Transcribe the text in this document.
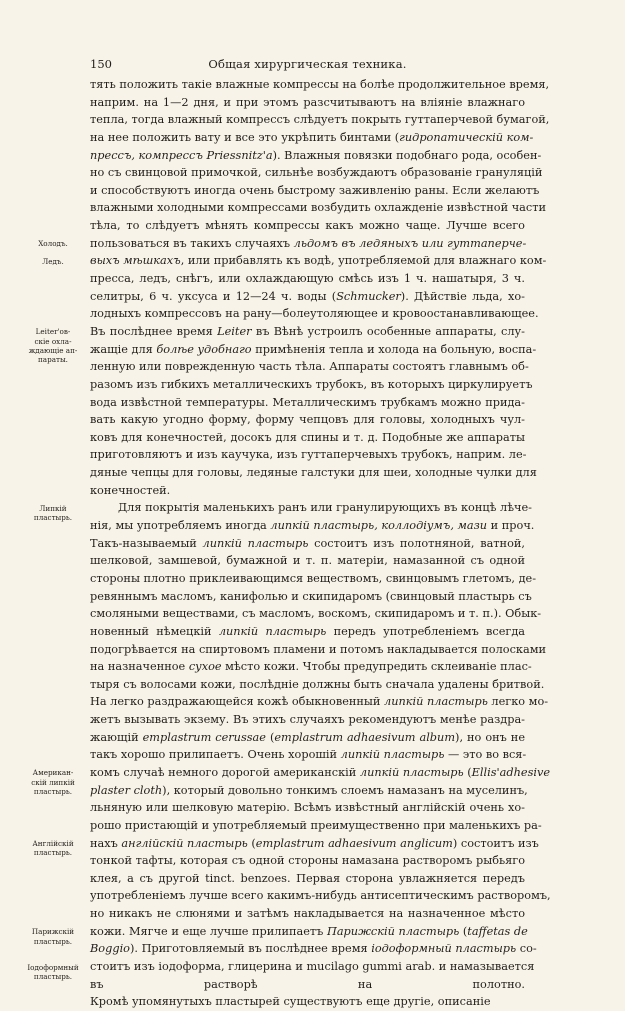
150	Общая хирургическая техника.
Холодъ.
Ледъ.
Leiter'ов-
скіе охла-
ждающіе ап-
параты.
Липкій
пластырь.
Американ-
скій липкій
пластырь.
Англійскій
пластырь.
Парижскій
пластырь.
Іодоформный
пластырь.
тять положить такіе влажные компрессы на болѣе продолжительное время,
наприм. на 1—2 дня, и при этомъ разсчитываютъ на вліяніе влажнаго
тепла, тогда влажный компрессъ слѣдуетъ покрыть гуттаперчевой бумагой,
на нее положить вату и все это укрѣпить бинтами (гидропатическій ком-
прессъ, компрессъ Priessnitz'а). Влажныя повязки подобнаго рода, особен-
но съ свинцовой примочкой, сильнѣе возбуждаютъ образованіе грануляцій
и способствуютъ иногда очень быстрому заживленію раны. Если желаютъ
влажными холодными компрессами возбудить охлажденіе извѣстной части
тѣла, то слѣдуетъ мѣнять компрессы какъ можно чаще. Лучше всего
пользоваться въ такихъ случаяхъ льдомъ въ ледяныхъ или гуттаперче-
выхъ мѣшкахъ, или прибавлять къ водѣ, употребляемой для влажнаго ком-
пресса, ледъ, снѣгъ, или охлаждающую смѣсь изъ 1 ч. нашатыря, 3 ч.
селитры, 6 ч. уксуса и 12—24 ч. воды (Schmucker). Дѣйствіе льда, хо-
лодныхъ компрессовъ на рану—болеутоляющее и кровоостанавливающее.
Въ послѣднее время Leiter въ Вѣнѣ устроилъ особенные аппараты, слу-
жащіе для болѣе удобнаго примѣненія тепла и холода на больную, воспа-
ленную или поврежденную часть тѣла. Аппараты состоятъ главнымъ об-
разомъ изъ гибкихъ металлическихъ трубокъ, въ которыхъ циркулируетъ
вода извѣстной температуры. Металлическимъ трубкамъ можно прида-
вать какую угодно форму, форму чепцовъ для головы, холодныхъ чул-
ковъ для конечностей, досокъ для спины и т. д. Подобные же аппараты
приготовляютъ и изъ каучука, изъ гуттаперчевыхъ трубокъ, наприм. ле-
дяные чепцы для головы, ледяные галстуки для шеи, холодные чулки для
конечностей.
Для покрытія маленькихъ ранъ или гранулирующихъ въ концѣ лѣче-
нія, мы употребляемъ иногда липкій пластырь, коллодіумъ, мази и проч.
Такъ-называемый липкій пластырь состоитъ изъ полотняной, ватной,
шелковой, замшевой, бумажной и т. п. матеріи, намазанной съ одной
стороны плотно приклеивающимся веществомъ, свинцовымъ глетомъ, де-
ревяннымъ масломъ, канифолью и скипидаромъ (свинцовый пластырь съ
смоляными веществами, съ масломъ, воскомъ, скипидаромъ и т. п.). Обык-
новенный нѣмецкій липкій пластырь передъ употребленіемъ всегда
подогрѣвается на спиртовомъ пламени и потомъ накладывается полосками
на назначенное сухое мѣсто кожи. Чтобы предупредить склеиваніе плас-
тыря съ волосами кожи, послѣдніе должны быть сначала удалены бритвой.
На легко раздражающейся кожѣ обыкновенный липкій пластырь легко мо-
жетъ вызывать экзему. Въ этихъ случаяхъ рекомендуютъ менѣе раздра-
жающій emplastrum cerussae (emplastrum adhaesivum album), но онъ не
такъ хорошо прилипаетъ. Очень хорошій липкій пластырь — это во вся-
комъ случаѣ немного дорогой американскій липкій пластырь (Ellis'adhesive
plaster cloth), который довольно тонкимъ слоемъ намазанъ на муселинъ,
льняную или шелковую матерію. Всѣмъ извѣстный англійскій очень хо-
рошо пристающій и употребляемый преимущественно при маленькихъ ра-
нахъ англійскій пластырь (emplastrum adhaesivum anglicum) состоитъ изъ
тонкой тафты, которая съ одной стороны намазана растворомъ рыбьяго
клея, а съ другой tinct. benzoes. Первая сторона увлажняется передъ
употребленіемъ лучше всего какимъ-нибудь антисептическимъ растворомъ,
но никакъ не слюнями и затѣмъ накладывается на назначенное мѣсто
кожи. Мягче и еще лучше прилипаетъ Парижскій пластырь (taffetas de
Boggio). Приготовляемый въ послѣднее время іодоформный пластырь со-
стоитъ изъ іодоформа, глицерина и mucilago gummi arab. и намазывается
въ растворѣ на полотно.
Кромѣ упомянутыхъ пластырей существуютъ еще другіе, описаніе
